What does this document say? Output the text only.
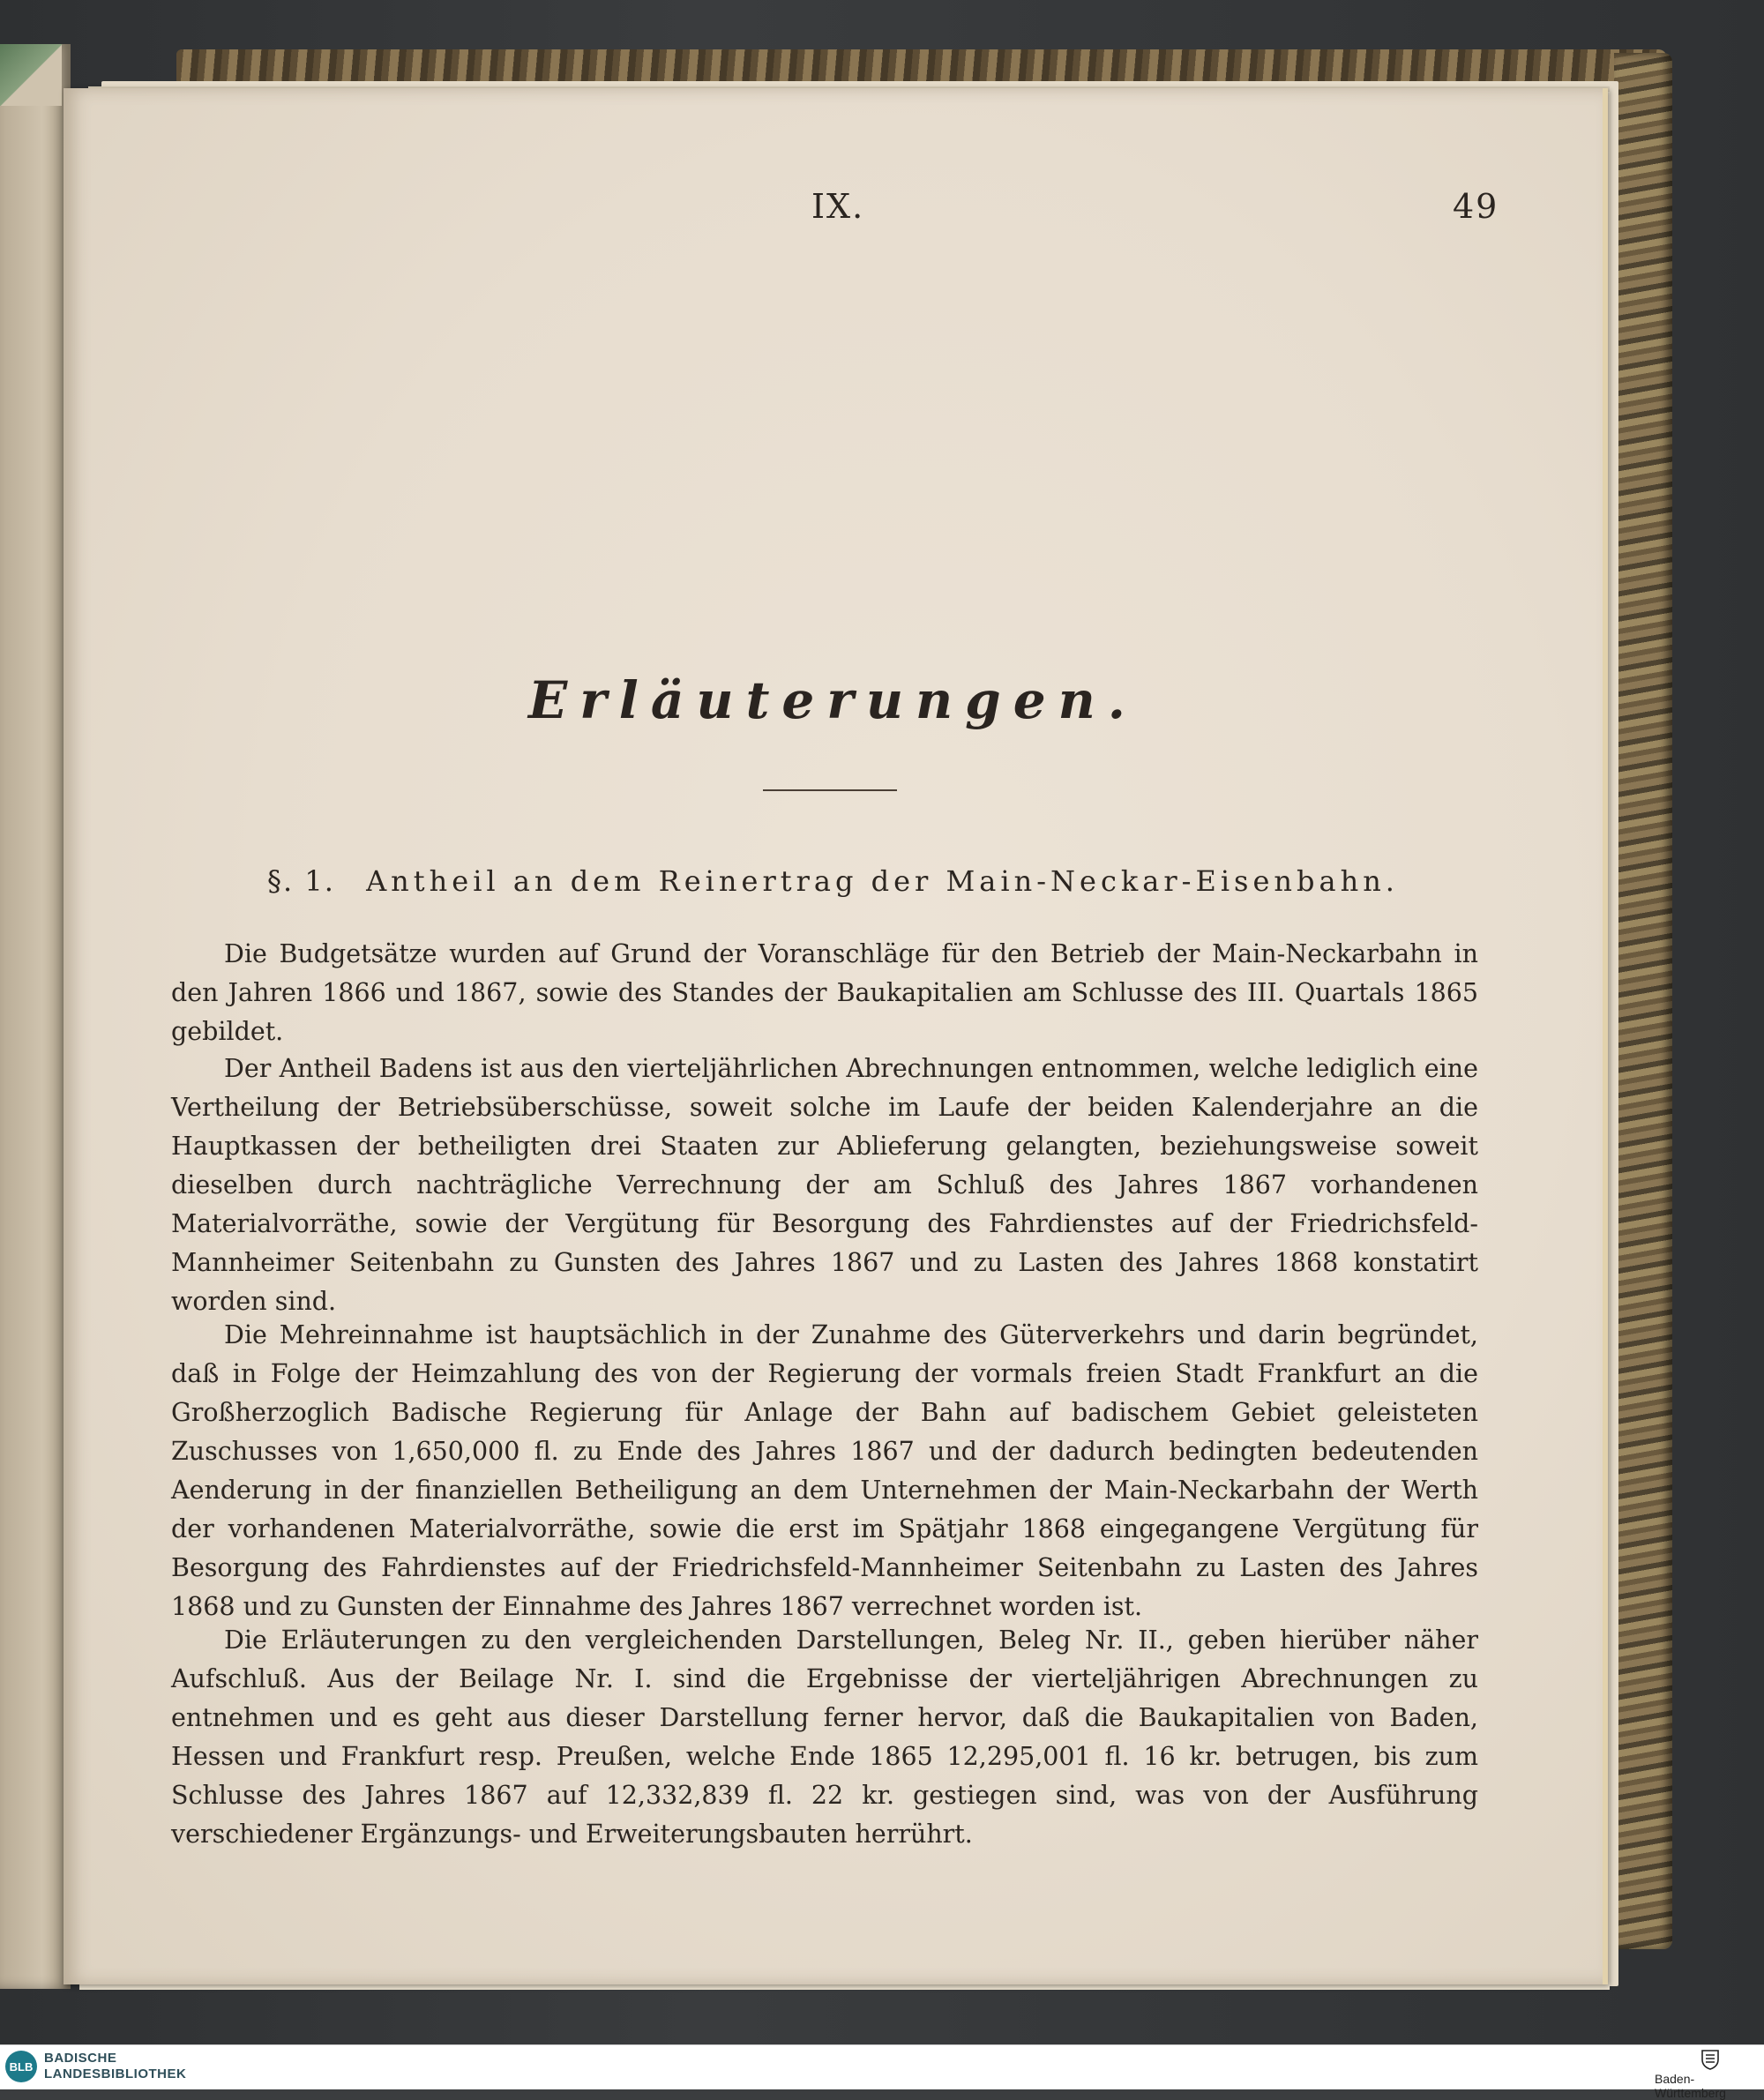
IX.	49
Erläuterungen.
§. 1. Antheil an dem Reinertrag der Main-Neckar-Eisenbahn.

Die Budgetsätze wurden auf Grund der Voranschläge für den Betrieb der Main-Neckarbahn in den Jahren 1866 und 1867, sowie des Standes der Baukapitalien am Schlusse des III. Quartals 1865 gebildet.

Der Antheil Badens ist aus den vierteljährlichen Abrechnungen entnommen, welche lediglich eine Vertheilung der Betriebsüberschüsse, soweit solche im Laufe der beiden Kalenderjahre an die Hauptkassen der betheiligten drei Staaten zur Ablieferung gelangten, beziehungsweise soweit dieselben durch nachträgliche Verrechnung der am Schluß des Jahres 1867 vorhandenen Materialvorräthe, sowie der Vergütung für Besorgung des Fahrdienstes auf der Friedrichsfeld-Mannheimer Seitenbahn zu Gunsten des Jahres 1867 und zu Lasten des Jahres 1868 konstatirt worden sind.

Die Mehreinnahme ist hauptsächlich in der Zunahme des Güterverkehrs und darin begründet, daß in Folge der Heimzahlung des von der Regierung der vormals freien Stadt Frankfurt an die Großherzoglich Badische Regierung für Anlage der Bahn auf badischem Gebiet geleisteten Zuschusses von 1,650,000 fl. zu Ende des Jahres 1867 und der dadurch bedingten bedeutenden Aenderung in der finanziellen Betheiligung an dem Unternehmen der Main-Neckarbahn der Werth der vorhandenen Materialvorräthe, sowie die erst im Spätjahr 1868 eingegangene Vergütung für Besorgung des Fahrdienstes auf der Friedrichsfeld-Mannheimer Seitenbahn zu Lasten des Jahres 1868 und zu Gunsten der Einnahme des Jahres 1867 verrechnet worden ist.

Die Erläuterungen zu den vergleichenden Darstellungen, Beleg Nr. II., geben hierüber näher Aufschluß. Aus der Beilage Nr. I. sind die Ergebnisse der vierteljährigen Abrechnungen zu entnehmen und es geht aus dieser Darstellung ferner hervor, daß die Baukapitalien von Baden, Hessen und Frankfurt resp. Preußen, welche Ende 1865 12,295,001 fl. 16 kr. betrugen, bis zum Schlusse des Jahres 1867 auf 12,332,839 fl. 22 kr. gestiegen sind, was von der Ausführung verschiedener Ergänzungs- und Erweiterungsbauten herrührt.

BLB
BADISCHE
LANDESBIBLIOTHEK	Baden-Württemberg
